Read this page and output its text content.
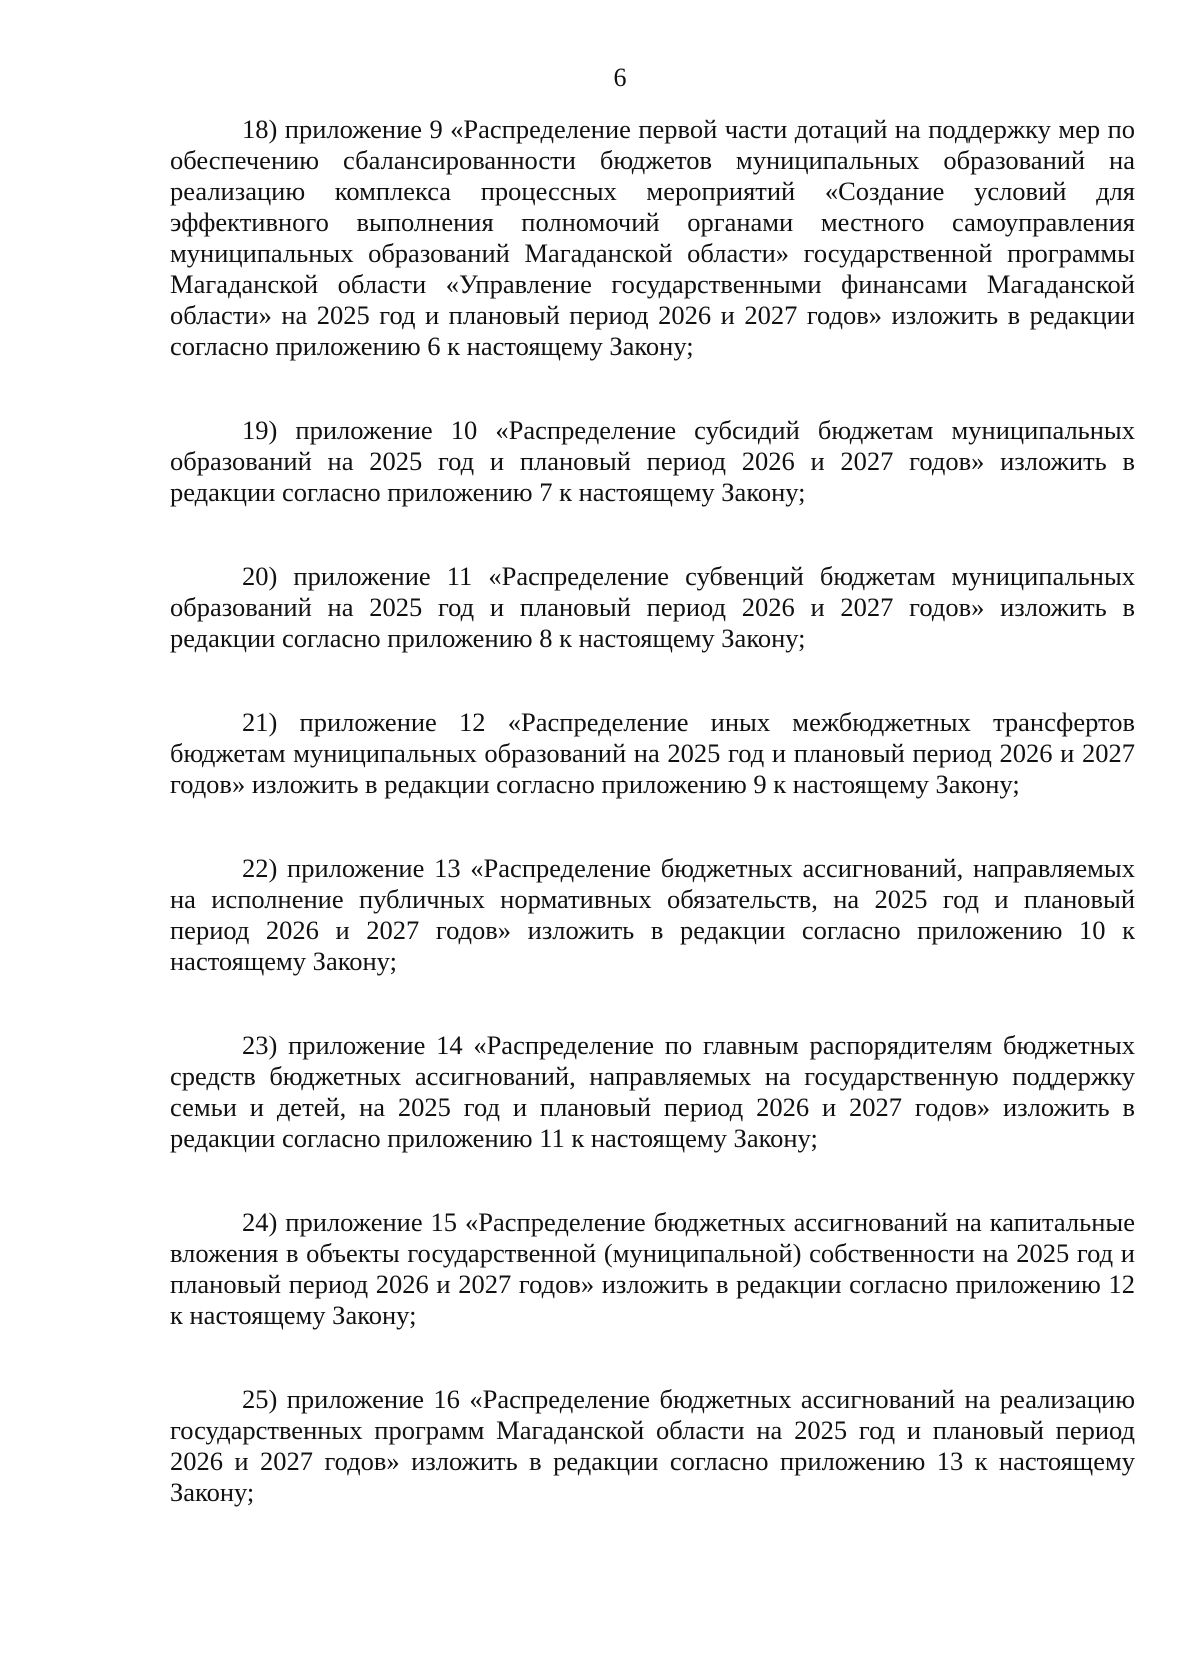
6

18) приложение 9 «Распределение первой части дотаций на поддержку мер по обеспечению сбалансированности бюджетов муниципальных образований на реализацию комплекса процессных мероприятий «Создание условий для эффективного выполнения полномочий органами местного самоуправления муниципальных образований Магаданской области» государственной программы Магаданской области «Управление государственными финансами Магаданской области» на 2025 год и плановый период 2026 и 2027 годов» изложить в редакции согласно приложению 6 к настоящему Закону;

19) приложение 10 «Распределение субсидий бюджетам муниципальных образований на 2025 год и плановый период 2026 и 2027 годов» изложить в редакции согласно приложению 7 к настоящему Закону;

20) приложение 11 «Распределение субвенций бюджетам муниципальных образований на 2025 год и плановый период 2026 и 2027 годов» изложить в редакции согласно приложению 8 к настоящему Закону;

21) приложение 12 «Распределение иных межбюджетных трансфертов бюджетам муниципальных образований на 2025 год и плановый период 2026 и 2027 годов» изложить в редакции согласно приложению 9 к настоящему Закону;

22) приложение 13 «Распределение бюджетных ассигнований, направляемых на исполнение публичных нормативных обязательств, на 2025 год и плановый период 2026 и 2027 годов» изложить в редакции согласно приложению 10 к настоящему Закону;

23) приложение 14 «Распределение по главным распорядителям бюджетных средств бюджетных ассигнований, направляемых на государственную поддержку семьи и детей, на 2025 год и плановый период 2026 и 2027 годов» изложить в редакции согласно приложению 11 к настоящему Закону;

24) приложение 15 «Распределение бюджетных ассигнований на капитальные вложения в объекты государственной (муниципальной) собственности на 2025 год и плановый период 2026 и 2027 годов» изложить в редакции согласно приложению 12 к настоящему Закону;

25) приложение 16 «Распределение бюджетных ассигнований на реализацию государственных программ Магаданской области на 2025 год и плановый период 2026 и 2027 годов» изложить в редакции согласно приложению 13 к настоящему Закону;
